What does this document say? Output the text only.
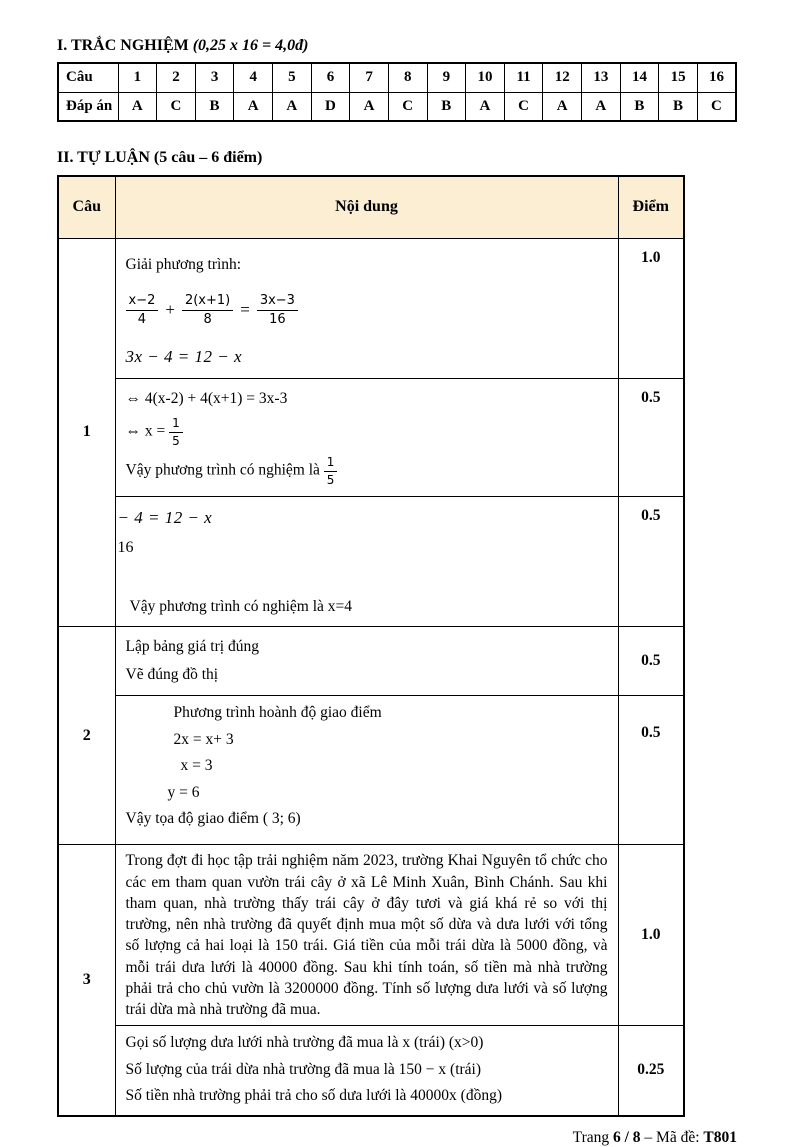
I. TRẮC NGHIỆM (0,25 x 16 = 4,0đ)
Câu	1	2	3	4	5	6	7	8	9	10	11	12	13	14	15	16
Đáp án	A	C	B	A	A	D	A	C	B	A	C	A	A	B	B	C
II. TỰ LUẬN (5 câu – 6 điểm)
Câu	Nội dung	Điểm
1	
Giải phương trình:
$\frac{x-2}{4} + \frac{2(x+1)}{8} = \frac{3x-3}{16}$
3x − 4 = 12 − x
	1.0

⇔ 4(x-2) + 4(x+1) = 3x-3
⇔ $x = \frac{1}{5}$
Vậy phương trình có nghiệm là $\frac{1}{5}$
	0.5

	− 4 = 12 − x
16
Vậy phương trình có nghiệm là x=4	0.5
2	Lập bảng giá trị đúng
Vẽ đúng đồ thị	0.5

	Phương trình hoành độ giao điểm
2x = x+ 3
x = 3
y = 6
Vậy tọa độ giao điểm ( 3; 6)	0.5
3	Trong đợt đi học tập trải nghiệm năm 2023, trường Khai Nguyên tổ chức cho các em tham quan vườn trái cây ở xã Lê Minh Xuân, Bình Chánh. Sau khi tham quan, nhà trường thấy trái cây ở đây tươi và giá khá rẻ so với thị trường, nên nhà trường đã quyết định mua một số dừa và dưa lưới với tổng số lượng cả hai loại là 150 trái. Giá tiền của mỗi trái dừa là 5000 đồng, và mỗi trái dưa lưới là 40000 đồng. Sau khi tính toán, số tiền mà nhà trường phải trả cho chủ vườn là 3200000 đồng. Tính số lượng dưa lưới và số lượng trái dừa mà nhà trường đã mua.	1.0

	Gọi số lượng dưa lưới nhà trường đã mua là x (trái) (x>0)
Số lượng của trái dừa nhà trường đã mua là 150 − x (trái)
Số tiền nhà trường phải trả cho số dưa lưới là 40000x (đồng)	0.25
Trang 6 / 8 – Mã đề: T801
